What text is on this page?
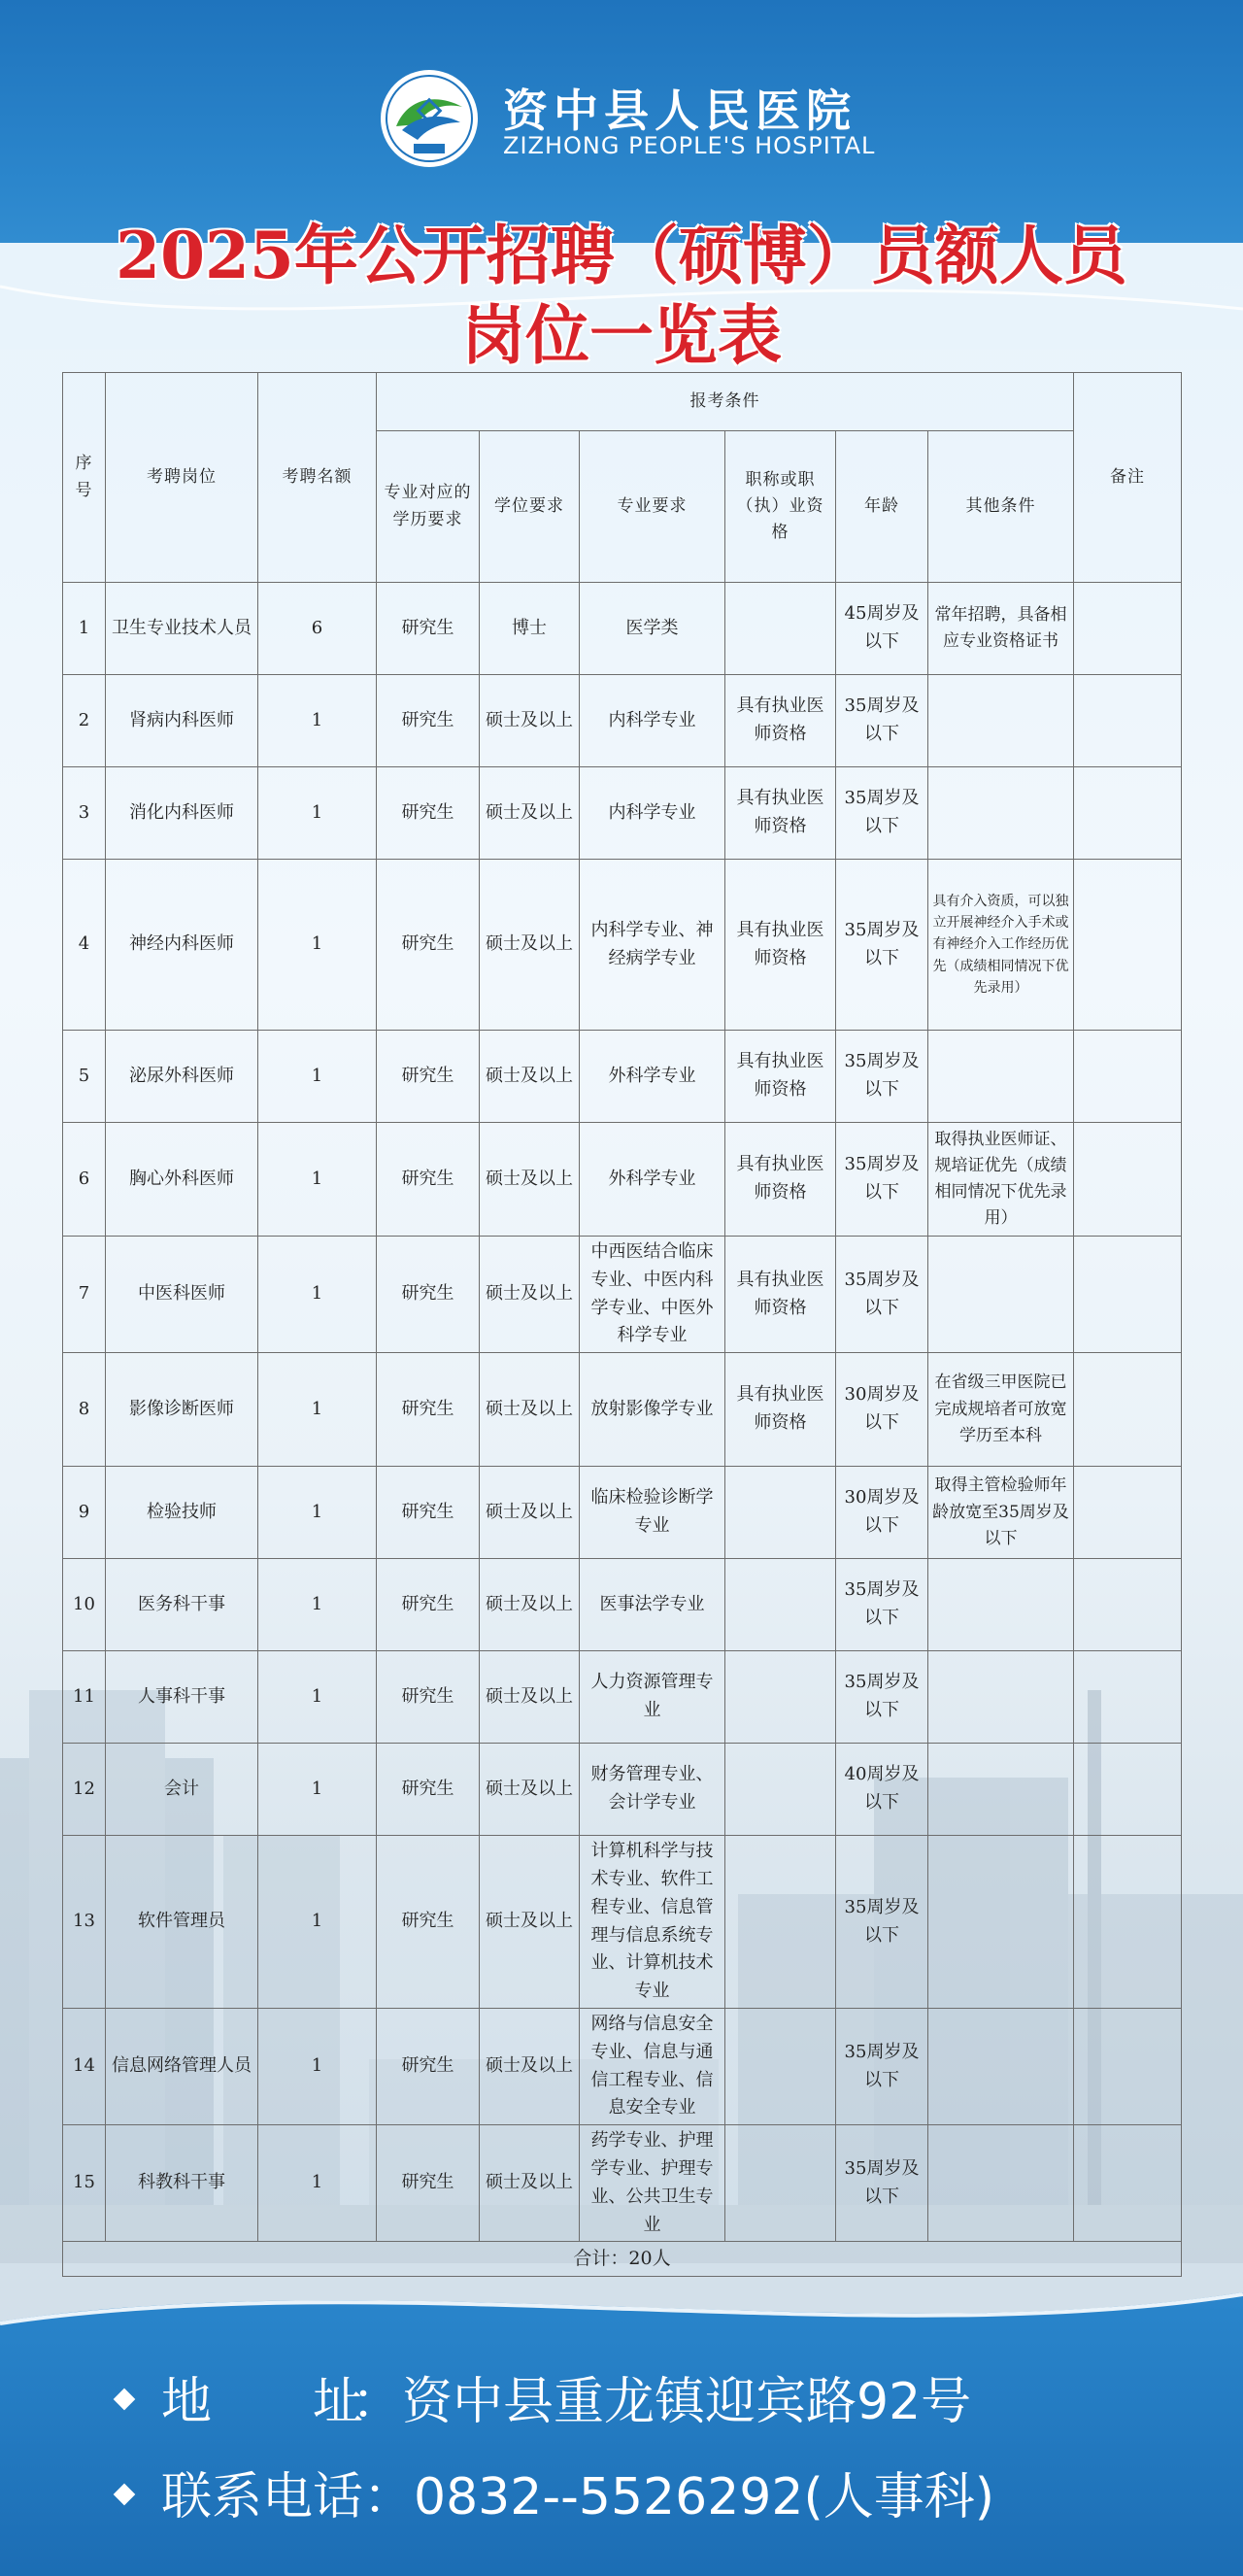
资中县人民医院
ZIZHONG PEOPLE'S HOSPITAL
2025年公开招聘（硕博）员额人员
岗位一览表
序号	考聘岗位	考聘名额	报考条件						备注
			专业对应的学历要求	学位要求	专业要求	职称或职（执）业资格	年龄	其他条件	
1	卫生专业技术人员	6	研究生	博士	医学类		45周岁及以下	常年招聘，具备相应专业资格证书	
2	肾病内科医师	1	研究生	硕士及以上	内科学专业	具有执业医师资格	35周岁及以下		
3	消化内科医师	1	研究生	硕士及以上	内科学专业	具有执业医师资格	35周岁及以下		
4	神经内科医师	1	研究生	硕士及以上	内科学专业、神经病学专业	具有执业医师资格	35周岁及以下	具有介入资质，可以独立开展神经介入手术或有神经介入工作经历优先（成绩相同情况下优先录用）	
5	泌尿外科医师	1	研究生	硕士及以上	外科学专业	具有执业医师资格	35周岁及以下		
6	胸心外科医师	1	研究生	硕士及以上	外科学专业	具有执业医师资格	35周岁及以下	取得执业医师证、规培证优先（成绩相同情况下优先录用）	
7	中医科医师	1	研究生	硕士及以上	中西医结合临床专业、中医内科学专业、中医外科学专业	具有执业医师资格	35周岁及以下		
8	影像诊断医师	1	研究生	硕士及以上	放射影像学专业	具有执业医师资格	30周岁及以下	在省级三甲医院已完成规培者可放宽学历至本科	
9	检验技师	1	研究生	硕士及以上	临床检验诊断学专业		30周岁及以下	取得主管检验师年龄放宽至35周岁及以下	
10	医务科干事	1	研究生	硕士及以上	医事法学专业		35周岁及以下		
11	人事科干事	1	研究生	硕士及以上	人力资源管理专业		35周岁及以下		
12	会计	1	研究生	硕士及以上	财务管理专业、会计学专业		40周岁及以下		
13	软件管理员	1	研究生	硕士及以上	计算机科学与技术专业、软件工程专业、信息管理与信息系统专业、计算机技术专业		35周岁及以下		
14	信息网络管理人员	1	研究生	硕士及以上	网络与信息安全专业、信息与通信工程专业、信息安全专业		35周岁及以下		
15	科教科干事	1	研究生	硕士及以上	药学专业、护理学专业、护理专业、公共卫生专业		35周岁及以下		
合计：20人									
地　　址：资中县重龙镇迎宾路92号
联系电话：0832--5526292(人事科)
